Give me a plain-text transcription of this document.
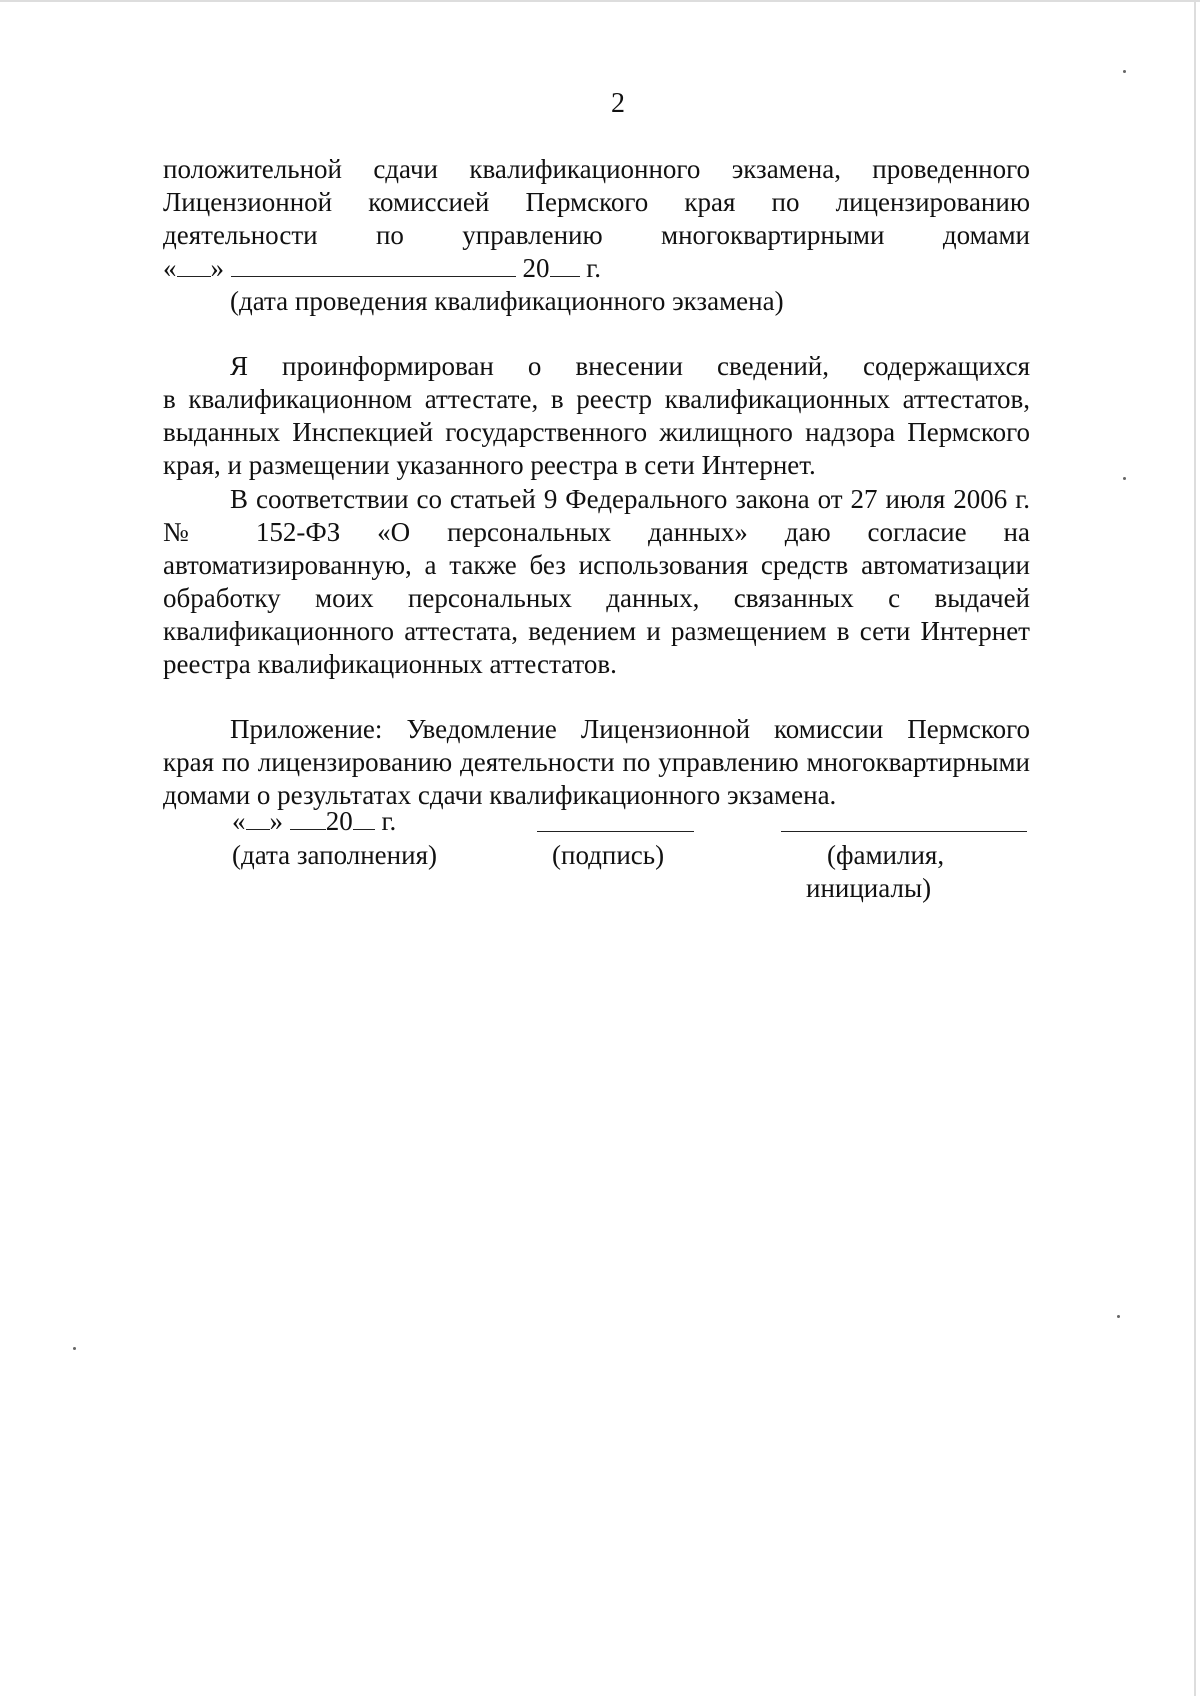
2
положительной сдачи квалификационного экзамена, проведенного
Лицензионной комиссией Пермского края по лицензированию
деятельности по управлению многоквартирными домами
« »	20 г.
(дата проведения квалификационного экзамена)
Я проинформирован о внесении сведений, содержащихся
в квалификационном аттестате, в реестр квалификационных аттестатов,
выданных Инспекцией государственного жилищного надзора Пермского
края, и размещении указанного реестра в сети Интернет.
В соответствии со статьей 9 Федерального закона от 27 июля 2006 г.
№ 152-ФЗ «О персональных данных» даю согласие на
автоматизированную, а также без использования средств автоматизации
обработку моих персональных данных, связанных с выдачей
квалификационного аттестата, ведением и размещением в сети Интернет
реестра квалификационных аттестатов.
Приложение: Уведомление Лицензионной комиссии Пермского
края по лицензированию деятельности по управлению многоквартирными
домами о результатах сдачи квалификационного экзамена.
« » 20 г.
(дата заполнения)	(подпись)	(фамилия,
инициалы)
